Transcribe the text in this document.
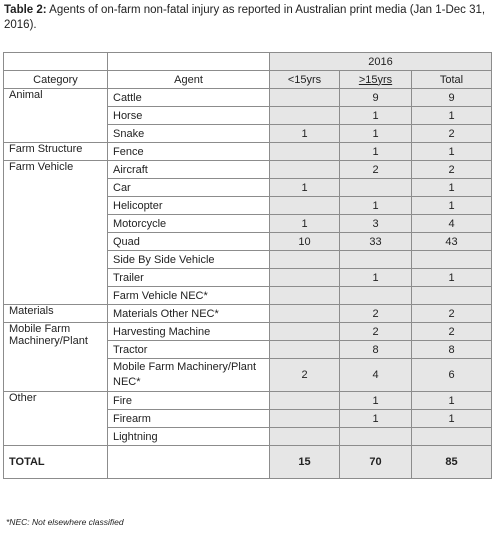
Table 2: Agents of on-farm non-fatal injury as reported in Australian print media (Jan 1-Dec 31, 2016).
		2016		
Category	Agent	<15yrs	>15yrs	Total
Animal	Cattle		9	9
	Horse		1	1
	Snake	1	1	2
Farm Structure	Fence		1	1
Farm Vehicle	Aircraft		2	2
	Car	1		1
	Helicopter		1	1
	Motorcycle	1	3	4
	Quad	10	33	43
	Side By Side Vehicle			
	Trailer		1	1
	Farm Vehicle NEC*			
Materials	Materials Other NEC*		2	2
Mobile Farm
Machinery/Plant	Harvesting Machine		2	2
	Tractor		8	8
	Mobile Farm Machinery/Plant NEC*	2	4	6
Other	Fire		1	1
	Firearm		1	1
	Lightning			
TOTAL		15	70	85
*NEC: Not elsewhere classified
